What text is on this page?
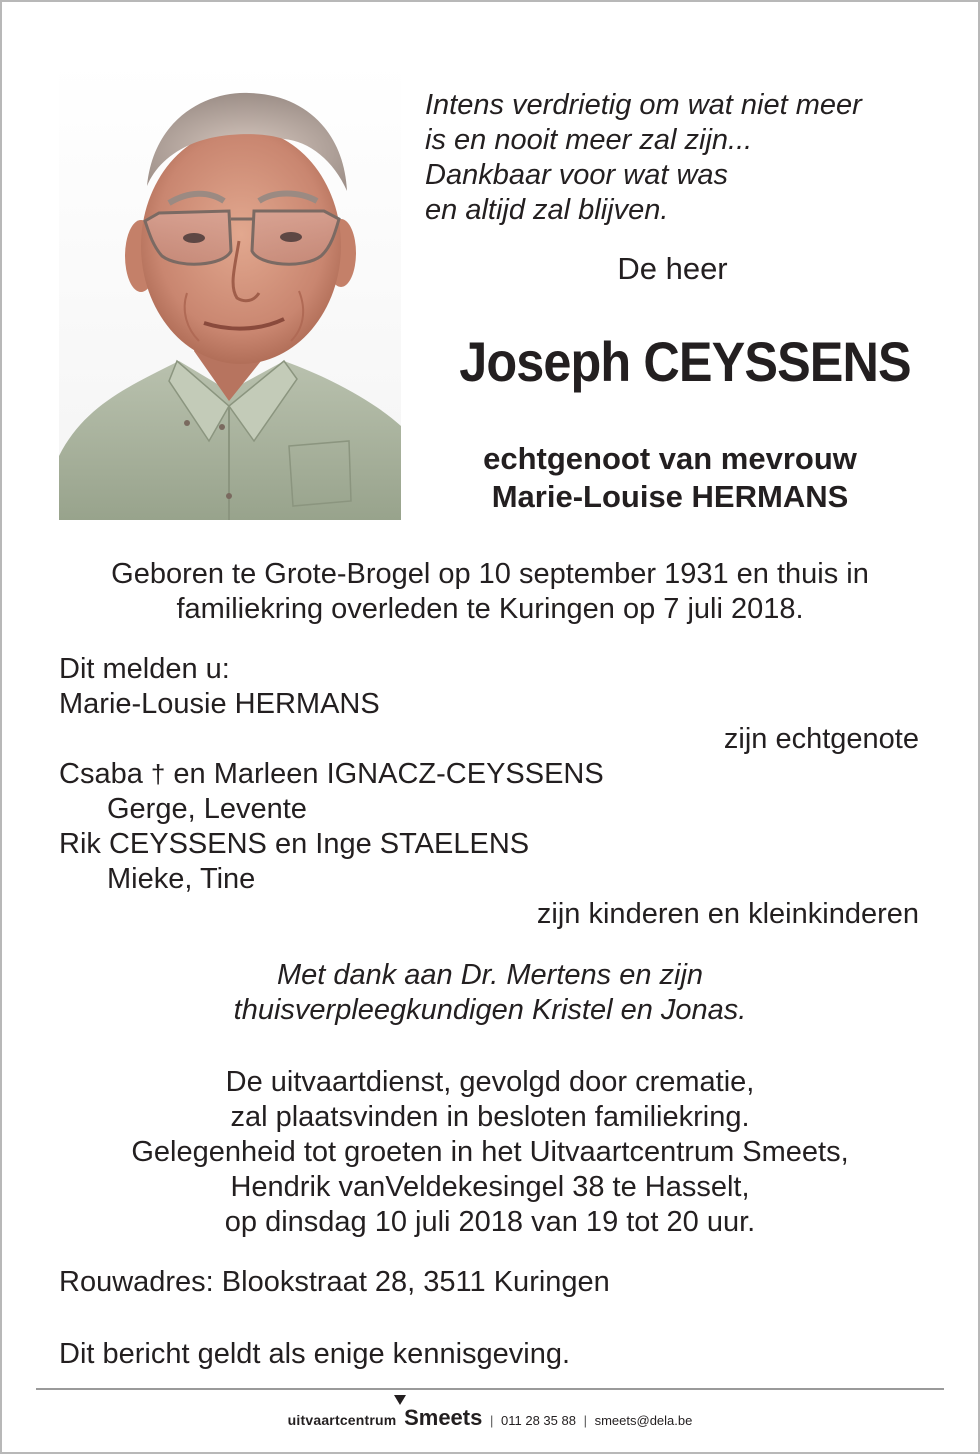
Intens verdrietig om wat niet meer
is en nooit meer zal zijn...
Dankbaar voor wat was
en altijd zal blijven.
De heer
Joseph CEYSSENS
echtgenoot van mevrouw
Marie-Louise HERMANS
Geboren te Grote-Brogel op 10 september 1931 en thuis in
familiekring overleden te Kuringen op 7 juli 2018.
Dit melden u:
Marie-Lousie HERMANS
zijn echtgenote
Csaba † en Marleen IGNACZ-CEYSSENS
Gerge, Levente
Rik CEYSSENS en Inge STAELENS
Mieke, Tine
zijn kinderen en kleinkinderen
Met dank aan Dr. Mertens en zijn
thuisverpleegkundigen Kristel en Jonas.
De uitvaartdienst, gevolgd door crematie,
zal plaatsvinden in besloten familiekring.
Gelegenheid tot groeten in het Uitvaartcentrum Smeets,
Hendrik vanVeldekesingel 38 te Hasselt,
op dinsdag 10 juli 2018 van 19 tot 20 uur.
Rouwadres: Blookstraat 28, 3511 Kuringen
Dit bericht geldt als enige kennisgeving.
uitvaartcentrum Smeets | 011 28 35 88 | smeets@dela.be
